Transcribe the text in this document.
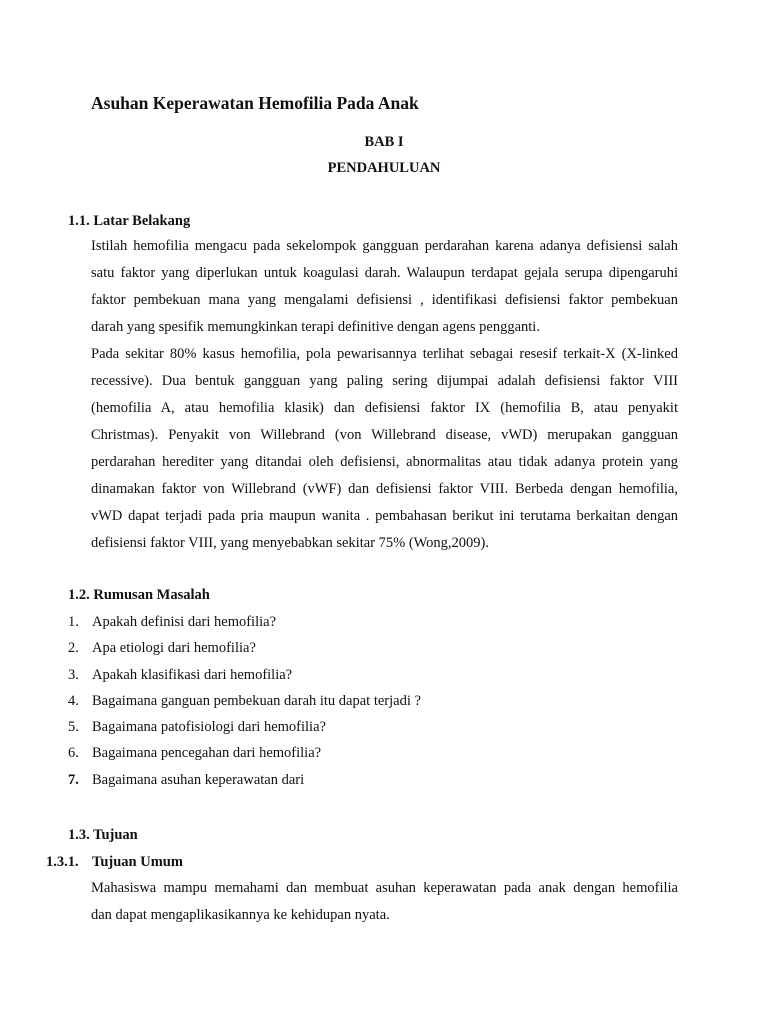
Asuhan Keperawatan Hemofilia Pada Anak
BAB I
PENDAHULUAN
1.1. Latar Belakang
Istilah hemofilia mengacu pada sekelompok gangguan perdarahan karena adanya defisiensi salah
satu faktor yang diperlukan untuk koagulasi darah. Walaupun terdapat gejala serupa dipengaruhi
faktor pembekuan mana yang mengalami defisiensi , identifikasi defisiensi faktor pembekuan
darah yang spesifik memungkinkan terapi definitive dengan agens pengganti.
Pada sekitar 80% kasus hemofilia, pola pewarisannya terlihat sebagai resesif terkait-X (X-linked
recessive). Dua bentuk gangguan yang paling sering dijumpai adalah defisiensi faktor VIII
(hemofilia A, atau hemofilia klasik) dan defisiensi faktor IX (hemofilia B, atau penyakit
Christmas). Penyakit von Willebrand (von Willebrand disease, vWD) merupakan gangguan
perdarahan herediter yang ditandai oleh defisiensi, abnormalitas atau tidak adanya protein yang
dinamakan faktor von Willebrand (vWF) dan defisiensi faktor VIII. Berbeda dengan hemofilia,
vWD dapat terjadi pada pria maupun wanita . pembahasan berikut ini terutama berkaitan dengan
defisiensi faktor VIII, yang menyebabkan sekitar 75% (Wong,2009).
1.2. Rumusan Masalah
1. Apakah definisi dari hemofilia?
2. Apa etiologi dari hemofilia?
3. Apakah klasifikasi dari hemofilia?
4. Bagaimana ganguan pembekuan darah itu dapat terjadi ?
5. Bagaimana patofisiologi dari hemofilia?
6. Bagaimana pencegahan dari hemofilia?
7. Bagaimana asuhan keperawatan dari
1.3. Tujuan
1.3.1. Tujuan Umum
Mahasiswa mampu memahami dan membuat asuhan keperawatan pada anak dengan hemofilia
dan dapat mengaplikasikannya ke kehidupan nyata.
